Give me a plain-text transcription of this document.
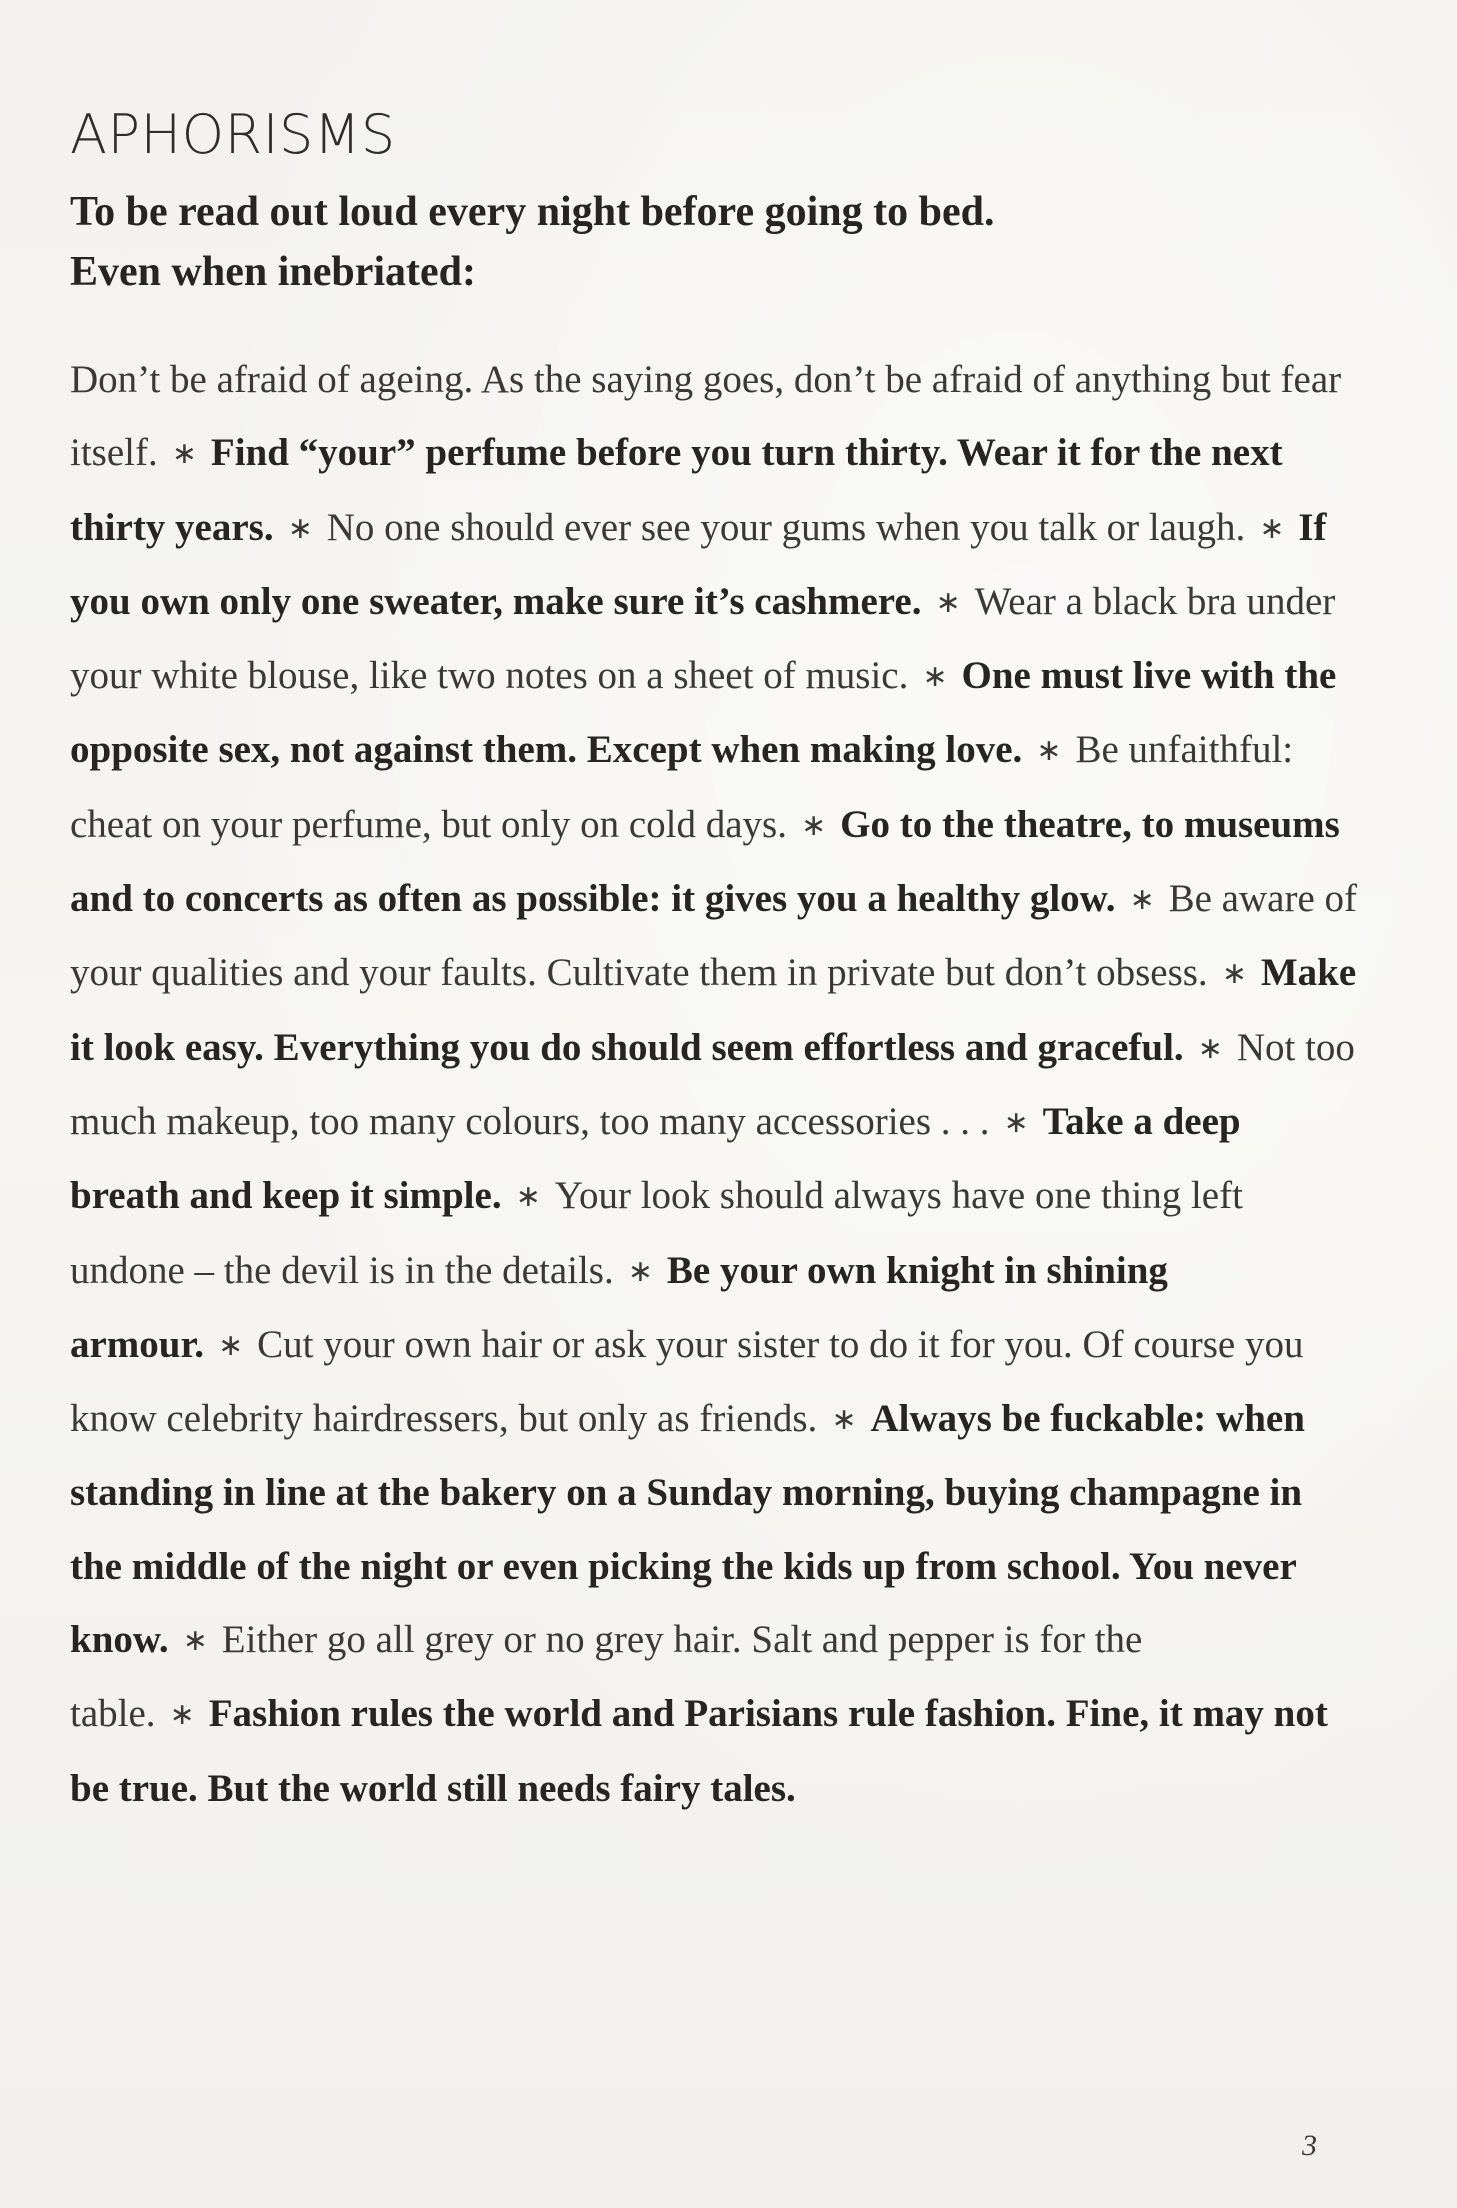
APHORISMS

To be read out loud every night before going to bed.
Even when inebriated:

Don’t be afraid of ageing. As the saying goes, don’t be afraid of anything but fear itself. ∗ Find “your” perfume before you turn thirty. Wear it for the next thirty years. ∗ No one should ever see your gums when you talk or laugh. ∗ If you own only one sweater, make sure it’s cashmere. ∗ Wear a black bra under your white blouse, like two notes on a sheet of music. ∗ One must live with the opposite sex, not against them. Except when making love. ∗ Be unfaithful: cheat on your perfume, but only on cold days. ∗ Go to the theatre, to museums and to concerts as often as possible: it gives you a healthy glow. ∗ Be aware of your qualities and your faults. Cultivate them in private but don’t obsess. ∗ Make it look easy. Everything you do should seem effortless and graceful. ∗ Not too much makeup, too many colours, too many accessories . . . ∗ Take a deep breath and keep it simple. ∗ Your look should always have one thing left undone – the devil is in the details. ∗ Be your own knight in shining armour. ∗ Cut your own hair or ask your sister to do it for you. Of course you know celebrity hairdressers, but only as friends. ∗ Always be fuckable: when standing in line at the bakery on a Sunday morning, buying champagne in the middle of the night or even picking the kids up from school. You never know. ∗ Either go all grey or no grey hair. Salt and pepper is for the table. ∗ Fashion rules the world and Parisians rule fashion. Fine, it may not be true. But the world still needs fairy tales.

3
